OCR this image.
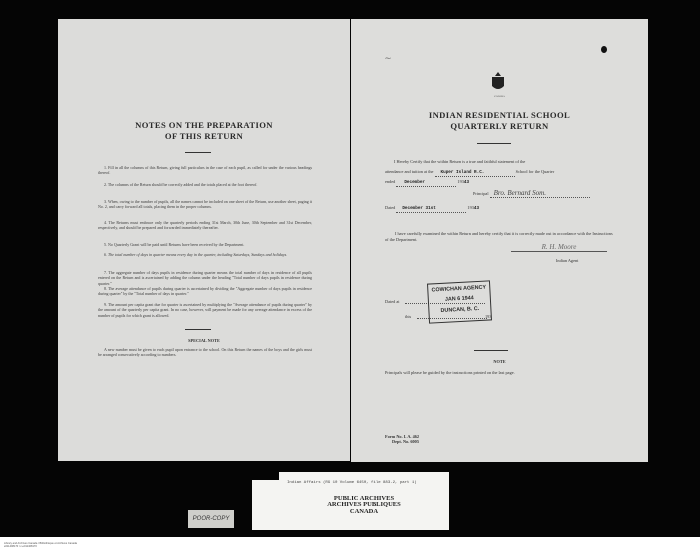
NOTES ON THE PREPARATION
OF THIS RETURN
1. Fill in all the columns of this Return, giving full particulars in the case of each pupil, as called for under the various headings thereof.
2. The columns of the Return should be correctly added and the totals placed at the foot thereof.
3. When, owing to the number of pupils, all the names cannot be included on one sheet of the Return, use another sheet, paging it No. 2, and carry forward all totals, placing them in the proper columns.
4. The Returns must embrace only the quarterly periods ending 31st March, 30th June, 30th September and 31st December, respectively, and should be prepared and forwarded immediately thereafter.
5. No Quarterly Grant will be paid until Returns have been received by the Department.
6. The total number of days in quarter means every day in the quarter, including Saturdays, Sundays and holidays.
7. The aggregate number of days pupils in residence during quarter means the total number of days in residence of all pupils entered on the Return and is ascertained by adding the column under the heading "Total number of days pupils in residence during quarter."
8. The average attendance of pupils during quarter is ascertained by dividing the "Aggregate number of days pupils in residence during quarter" by the "Total number of days in quarter."
9. The amount per capita grant due for quarter is ascertained by multiplying the "Average attendance of pupils during quarter" by the amount of the quarterly per capita grant. In no case, however, will payment be made for any average attendance in excess of the number of pupils for which grant is allowed.
SPECIAL NOTE
A new number must be given to each pupil upon entrance to the school. On this Return the names of the boys and the girls must be arranged consecutively according to numbers.
⁓
CANADA
INDIAN RESIDENTIAL SCHOOL
QUARTERLY RETURN
I Hereby Certify that the within Return is a true and faithful statement of the
attendance and tuition at the Kuper Island R.C.	School for the Quarter
ended December	19343
Principal Bro. Bernard Som.
Dated December 31st	19343
I have carefully examined the within Return and hereby certify that it is correctly made out in accordance with the Instructions of the Department.
R. H. Moore
Indian Agent
Dated at
this	193
NOTE
Principals will please be guided by the instructions printed on the last page.
Form No. I. A. 462
Dept. No. 6005
COWICHAN AGENCY
JAN 6 1944
DUNCAN, B. C.
Indian Affairs (RG 10 Volume 6450, file 883-2, part 1)
PUBLIC ARCHIVES
ARCHIVES PUBLIQUES
CANADA
POOR-COPY
Library and Archives Canada / Bibliothèque et Archives Canada
e011408170 / c-e011408170
